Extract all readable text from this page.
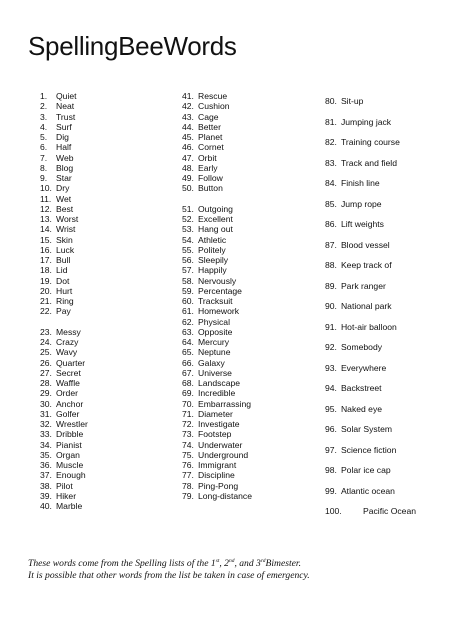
SpellingBeeWords
1.	Quiet
2.	Neat
3.	Trust
4.	Surf
5.	Dig
6.	Half
7.	Web
8.	Blog
9.	Star
10. Dry
11. Wet
12. Best
13. Worst
14. Wrist
15. Skin
16. Luck
17. Bull
18. Lid
19. Dot
20. Hurt
21. Ring
22. Pay
23. Messy
24. Crazy
25. Wavy
26. Quarter
27. Secret
28. Waffle
29. Order
30. Anchor
31. Golfer
32. Wrestler
33. Dribble
34. Pianist
35. Organ
36. Muscle
37. Enough
38. Pilot
39. Hiker
40. Marble
41. Rescue
42. Cushion
43. Cage
44. Better
45. Planet
46. Cornet
47. Orbit
48. Early
49. Follow
50. Button
51. Outgoing
52. Excellent
53. Hang out
54. Athletic
55. Politely
56. Sleepily
57. Happily
58. Nervously
59. Percentage
60. Tracksuit
61. Homework
62. Physical
63. Opposite
64. Mercury
65. Neptune
66. Galaxy
67. Universe
68. Landscape
69. Incredible
70. Embarrassing
71. Diameter
72. Investigate
73. Footstep
74. Underwater
75. Underground
76. Immigrant
77. Discipline
78. Ping-Pong
79. Long-distance
80. Sit-up
81. Jumping jack
82. Training course
83. Track and field
84. Finish line
85. Jump rope
86. Lift weights
87. Blood vessel
88. Keep track of
89. Park ranger
90. National park
91. Hot-air balloon
92. Somebody
93. Everywhere
94. Backstreet
95. Naked eye
96. Solar System
97. Science fiction
98. Polar ice cap
99. Atlantic ocean
100.	Pacific Ocean
These words come from the Spelling lists of the 1st, 2nd, and 3rdBimester.
It is possible that other words from the list be taken in case of emergency.
